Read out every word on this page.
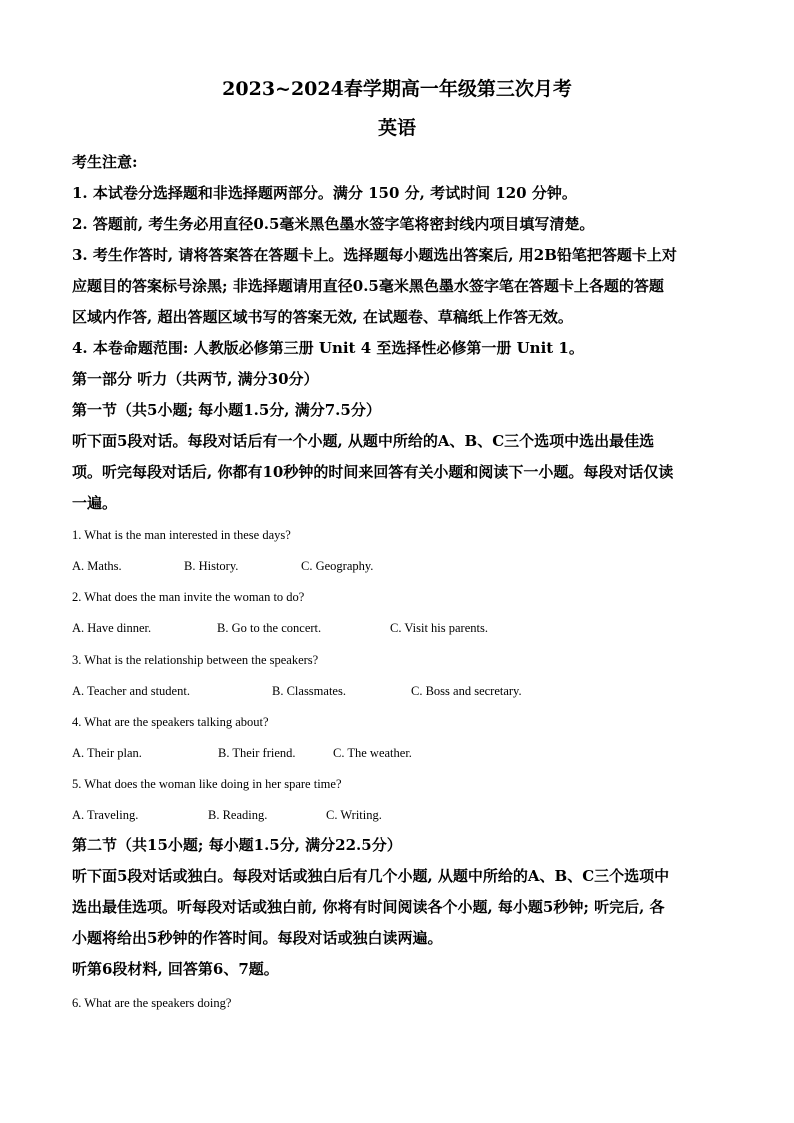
2023~2024春学期高一年级第三次月考
英语
考生注意:
1. 本试卷分选择题和非选择题两部分。满分 150 分, 考试时间 120 分钟。
2. 答题前, 考生务必用直径0.5毫米黑色墨水签字笔将密封线内项目填写清楚。
3. 考生作答时, 请将答案答在答题卡上。选择题每小题选出答案后, 用2B铅笔把答题卡上对
应题目的答案标号涂黑; 非选择题请用直径0.5毫米黑色墨水签字笔在答题卡上各题的答题
区域内作答, 超出答题区域书写的答案无效, 在试题卷、草稿纸上作答无效。
4. 本卷命题范围: 人教版必修第三册 Unit 4 至选择性必修第一册 Unit 1。
第一部分 听力（共两节, 满分30分）
第一节（共5小题; 每小题1.5分, 满分7.5分）
听下面5段对话。每段对话后有一个小题, 从题中所给的A、B、C三个选项中选出最佳选
项。听完每段对话后, 你都有10秒钟的时间来回答有关小题和阅读下一小题。每段对话仅读
一遍。
1. What is the man interested in these days?
A. Maths.	B. History.	C. Geography.
2. What does the man invite the woman to do?
A. Have dinner.	B. Go to the concert.	C. Visit his parents.
3. What is the relationship between the speakers?
A. Teacher and student.	B. Classmates.	C. Boss and secretary.
4. What are the speakers talking about?
A. Their plan.	B. Their friend.	C. The weather.
5. What does the woman like doing in her spare time?
A. Traveling.	B. Reading.	C. Writing.
第二节（共15小题; 每小题1.5分, 满分22.5分）
听下面5段对话或独白。每段对话或独白后有几个小题, 从题中所给的A、B、C三个选项中
选出最佳选项。听每段对话或独白前, 你将有时间阅读各个小题, 每小题5秒钟; 听完后, 各
小题将给出5秒钟的作答时间。每段对话或独白读两遍。
听第6段材料, 回答第6、7题。
6. What are the speakers doing?
